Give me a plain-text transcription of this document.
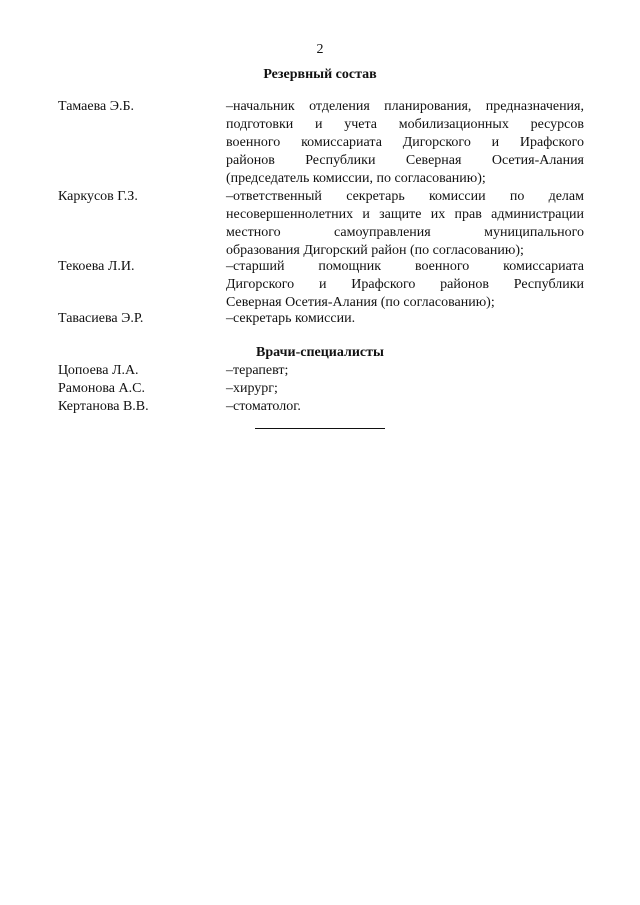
2
Резервный состав
Тамаева Э.Б.	–начальник отделения планирования, предназначения,
подготовки и учета мобилизационных ресурсов
военного комиссариата Дигорского и Ирафского
районов Республики Северная Осетия-Алания
(председатель комиссии, по согласованию);
Каркусов Г.З.	–ответственный секретарь комиссии по делам
несовершеннолетних и защите их прав администрации
местного самоуправления муниципального
образования Дигорский район (по согласованию);
Текоева Л.И.	–старший помощник военного комиссариата
Дигорского и Ирафского районов Республики
Северная Осетия-Алания (по согласованию);
Тавасиева Э.Р.	–секретарь комиссии.
Врачи-специалисты
Цопоева Л.А.	–терапевт;
Рамонова А.С.	–хирург;
Кертанова В.В.	–стоматолог.
